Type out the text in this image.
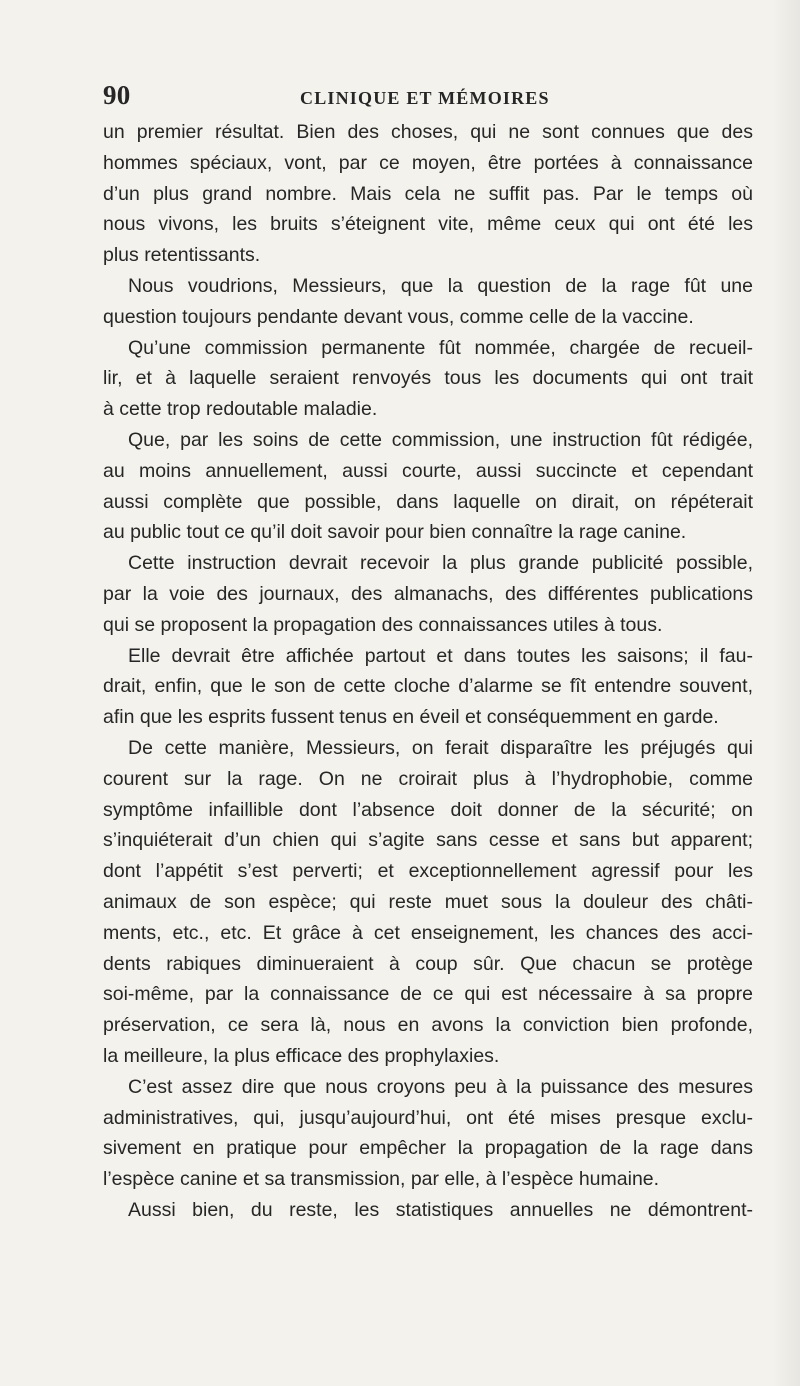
90	CLINIQUE ET MÉMOIRES
un premier résultat. Bien des choses, qui ne sont connues que des
hommes spéciaux, vont, par ce moyen, être portées à connaissance
d’un plus grand nombre. Mais cela ne suffit pas. Par le temps où
nous vivons, les bruits s’éteignent vite, même ceux qui ont été les
plus retentissants.
Nous voudrions, Messieurs, que la question de la rage fût une
question toujours pendante devant vous, comme celle de la vaccine.
Qu’une commission permanente fût nommée, chargée de recueil-
lir, et à laquelle seraient renvoyés tous les documents qui ont trait
à cette trop redoutable maladie.
Que, par les soins de cette commission, une instruction fût rédigée,
au moins annuellement, aussi courte, aussi succincte et cependant
aussi complète que possible, dans laquelle on dirait, on répéterait
au public tout ce qu’il doit savoir pour bien connaître la rage canine.
Cette instruction devrait recevoir la plus grande publicité possible,
par la voie des journaux, des almanachs, des différentes publications
qui se proposent la propagation des connaissances utiles à tous.
Elle devrait être affichée partout et dans toutes les saisons; il fau-
drait, enfin, que le son de cette cloche d’alarme se fît entendre souvent,
afin que les esprits fussent tenus en éveil et conséquemment en garde.
De cette manière, Messieurs, on ferait disparaître les préjugés qui
courent sur la rage. On ne croirait plus à l’hydrophobie, comme
symptôme infaillible dont l’absence doit donner de la sécurité; on
s’inquiéterait d’un chien qui s’agite sans cesse et sans but apparent;
dont l’appétit s’est perverti; et exceptionnellement agressif pour les
animaux de son espèce; qui reste muet sous la douleur des châti-
ments, etc., etc. Et grâce à cet enseignement, les chances des acci-
dents rabiques diminueraient à coup sûr. Que chacun se protège
soi-même, par la connaissance de ce qui est nécessaire à sa propre
préservation, ce sera là, nous en avons la conviction bien profonde,
la meilleure, la plus efficace des prophylaxies.
C’est assez dire que nous croyons peu à la puissance des mesures
administratives, qui, jusqu’aujourd’hui, ont été mises presque exclu-
sivement en pratique pour empêcher la propagation de la rage dans
l’espèce canine et sa transmission, par elle, à l’espèce humaine.
Aussi bien, du reste, les statistiques annuelles ne démontrent-
